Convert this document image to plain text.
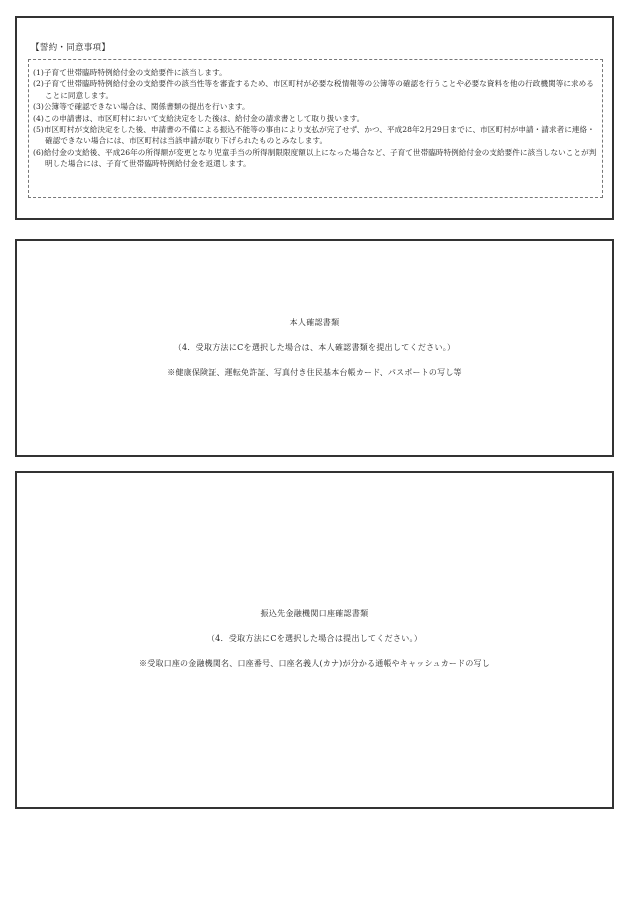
【誓約・同意事項】
(1)子育て世帯臨時特例給付金の支給要件に該当します。
(2)子育て世帯臨時特例給付金の支給要件の該当性等を審査するため、市区町村が必要な税情報等の公簿等の確認を行うことや必要な資料を他の行政機関等に求めることに同意します。
(3)公簿等で確認できない場合は、関係書類の提出を行います。
(4)この申請書は、市区町村において支給決定をした後は、給付金の請求書として取り扱います。
(5)市区町村が支給決定をした後、申請書の不備による振込不能等の事由により支払が完了せず、かつ、平成28年2月29日までに、市区町村が申請・請求者に連絡・確認できない場合には、市区町村は当該申請が取り下げられたものとみなします。
(6)給付金の支給後、平成26年の所得額が変更となり児童手当の所得制限限度額以上になった場合など、子育て世帯臨時特例給付金の支給要件に該当しないことが判明した場合には、子育て世帯臨時特例給付金を返還します。
本人確認書類
（4．受取方法にCを選択した場合は、本人確認書類を提出してください。）
※健康保険証、運転免許証、写真付き住民基本台帳カード、パスポートの写し等
振込先金融機関口座確認書類
（4．受取方法にCを選択した場合は提出してください。）
※受取口座の金融機関名、口座番号、口座名義人(カナ)が分かる通帳やキャッシュカードの写し
